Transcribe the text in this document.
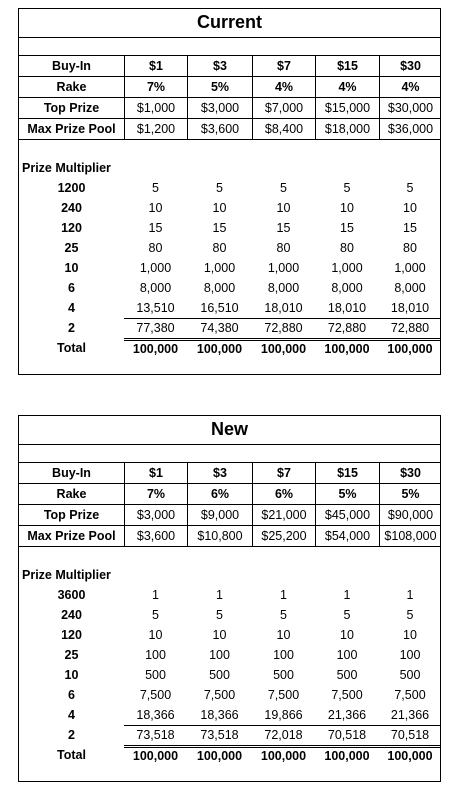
Current
Buy-In	$1	$3	$7	$15	$30
Rake	7%	5%	4%	4%	4%
Top Prize	$1,000	$3,000	$7,000	$15,000	$30,000
Max Prize Pool	$1,200	$3,600	$8,400	$18,000	$36,000
Prize Multiplier
1200	5	5	5	5	5
240	10	10	10	10	10
120	15	15	15	15	15
25	80	80	80	80	80
10	1,000	1,000	1,000	1,000	1,000
6	8,000	8,000	8,000	8,000	8,000
4	13,510	16,510	18,010	18,010	18,010
2	77,380	74,380	72,880	72,880	72,880
Total	100,000	100,000	100,000	100,000	100,000
New
Buy-In	$1	$3	$7	$15	$30
Rake	7%	6%	6%	5%	5%
Top Prize	$3,000	$9,000	$21,000	$45,000	$90,000
Max Prize Pool	$3,600	$10,800	$25,200	$54,000	$108,000
Prize Multiplier
3600	1	1	1	1	1
240	5	5	5	5	5
120	10	10	10	10	10
25	100	100	100	100	100
10	500	500	500	500	500
6	7,500	7,500	7,500	7,500	7,500
4	18,366	18,366	19,866	21,366	21,366
2	73,518	73,518	72,018	70,518	70,518
Total	100,000	100,000	100,000	100,000	100,000
